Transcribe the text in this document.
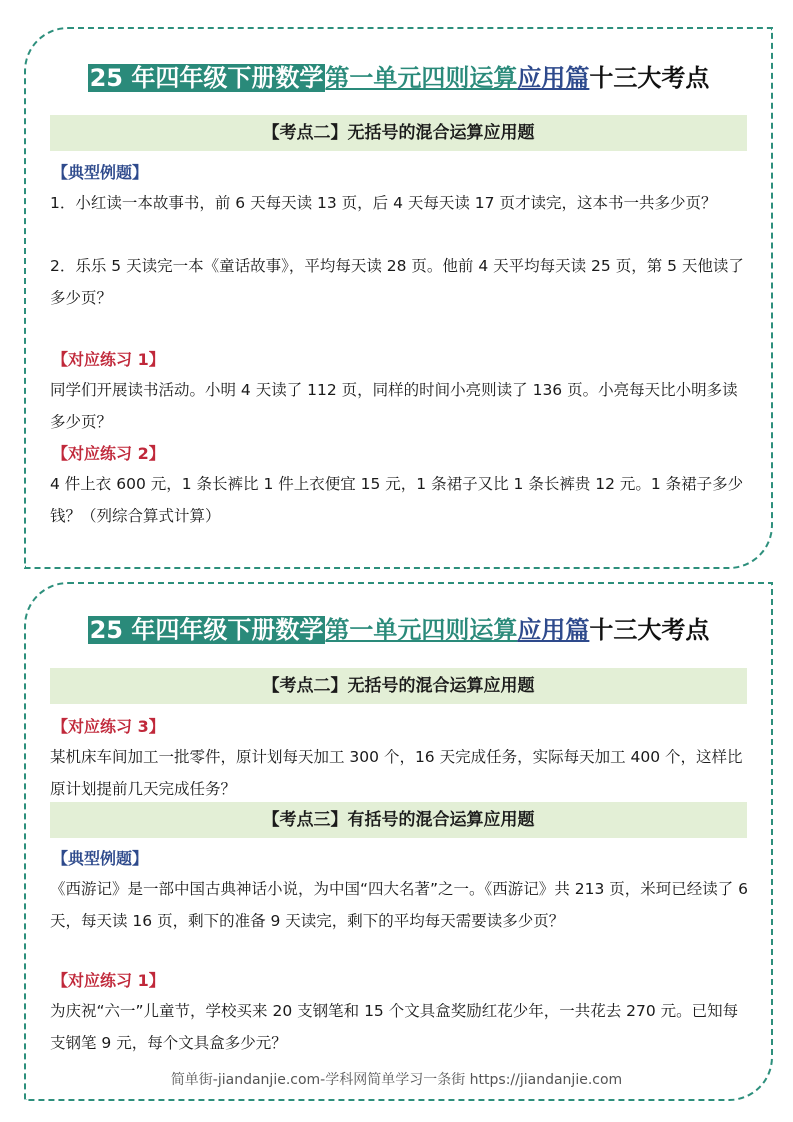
25 年四年级下册数学第一单元四则运算应用篇十三大考点
【考点二】无括号的混合运算应用题
【典型例题】
1．小红读一本故事书，前 6 天每天读 13 页，后 4 天每天读 17 页才读完，这本书一共多少页？
2．乐乐 5 天读完一本《童话故事》，平均每天读 28 页。他前 4 天平均每天读 25 页，第 5 天他读了多少页？
【对应练习 1】
同学们开展读书活动。小明 4 天读了 112 页，同样的时间小亮则读了 136 页。小亮每天比小明多读多少页？
【对应练习 2】
4 件上衣 600 元，1 条长裤比 1 件上衣便宜 15 元，1 条裙子又比 1 条长裤贵 12 元。1 条裙子多少钱？（列综合算式计算）
25 年四年级下册数学第一单元四则运算应用篇十三大考点
【考点二】无括号的混合运算应用题
【对应练习 3】
某机床车间加工一批零件，原计划每天加工 300 个，16 天完成任务，实际每天加工 400 个，这样比原计划提前几天完成任务？
【考点三】有括号的混合运算应用题
【典型例题】
《西游记》是一部中国古典神话小说，为中国“四大名著”之一。《西游记》共 213 页，米珂已经读了 6 天，每天读 16 页，剩下的准备 9 天读完，剩下的平均每天需要读多少页？
【对应练习 1】
为庆祝“六一”儿童节，学校买来 20 支钢笔和 15 个文具盒奖励红花少年，一共花去 270 元。已知每支钢笔 9 元，每个文具盒多少元？
简单街-jiandanjie.com-学科网简单学习一条街 https://jiandanjie.com
